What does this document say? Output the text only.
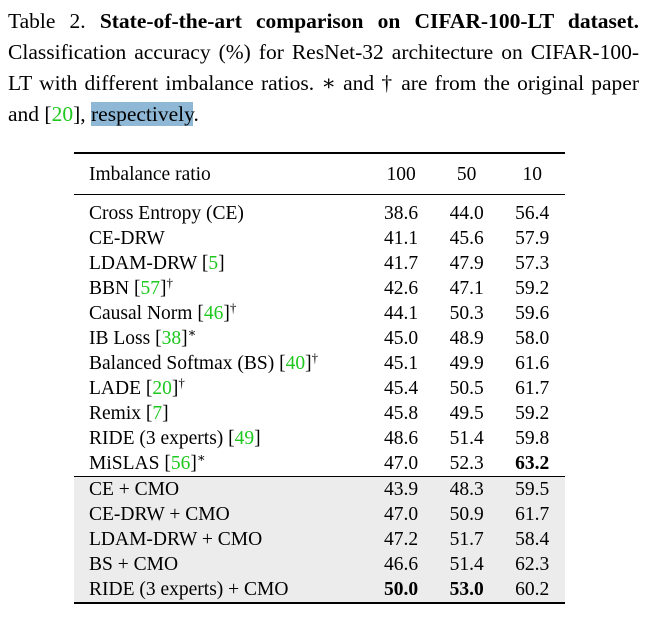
Table 2. State-of-the-art comparison on CIFAR-100-LT dataset. Classification accuracy (%) for ResNet-32 architecture on CIFAR-100-LT with different imbalance ratios. ∗ and † are from the original paper and [20], respectively.
Imbalance ratio	100	50	10
Cross Entropy (CE)	38.6	44.0	56.4
CE-DRW	41.1	45.6	57.9
LDAM-DRW [5]	41.7	47.9	57.3
BBN [57]†	42.6	47.1	59.2
Causal Norm [46]†	44.1	50.3	59.6
IB Loss [38]∗	45.0	48.9	58.0
Balanced Softmax (BS) [40]†	45.1	49.9	61.6
LADE [20]†	45.4	50.5	61.7
Remix [7]	45.8	49.5	59.2
RIDE (3 experts) [49]	48.6	51.4	59.8
MiSLAS [56]∗	47.0	52.3	63.2
CE + CMO	43.9	48.3	59.5
CE-DRW + CMO	47.0	50.9	61.7
LDAM-DRW + CMO	47.2	51.7	58.4
BS + CMO	46.6	51.4	62.3
RIDE (3 experts) + CMO	50.0	53.0	60.2
